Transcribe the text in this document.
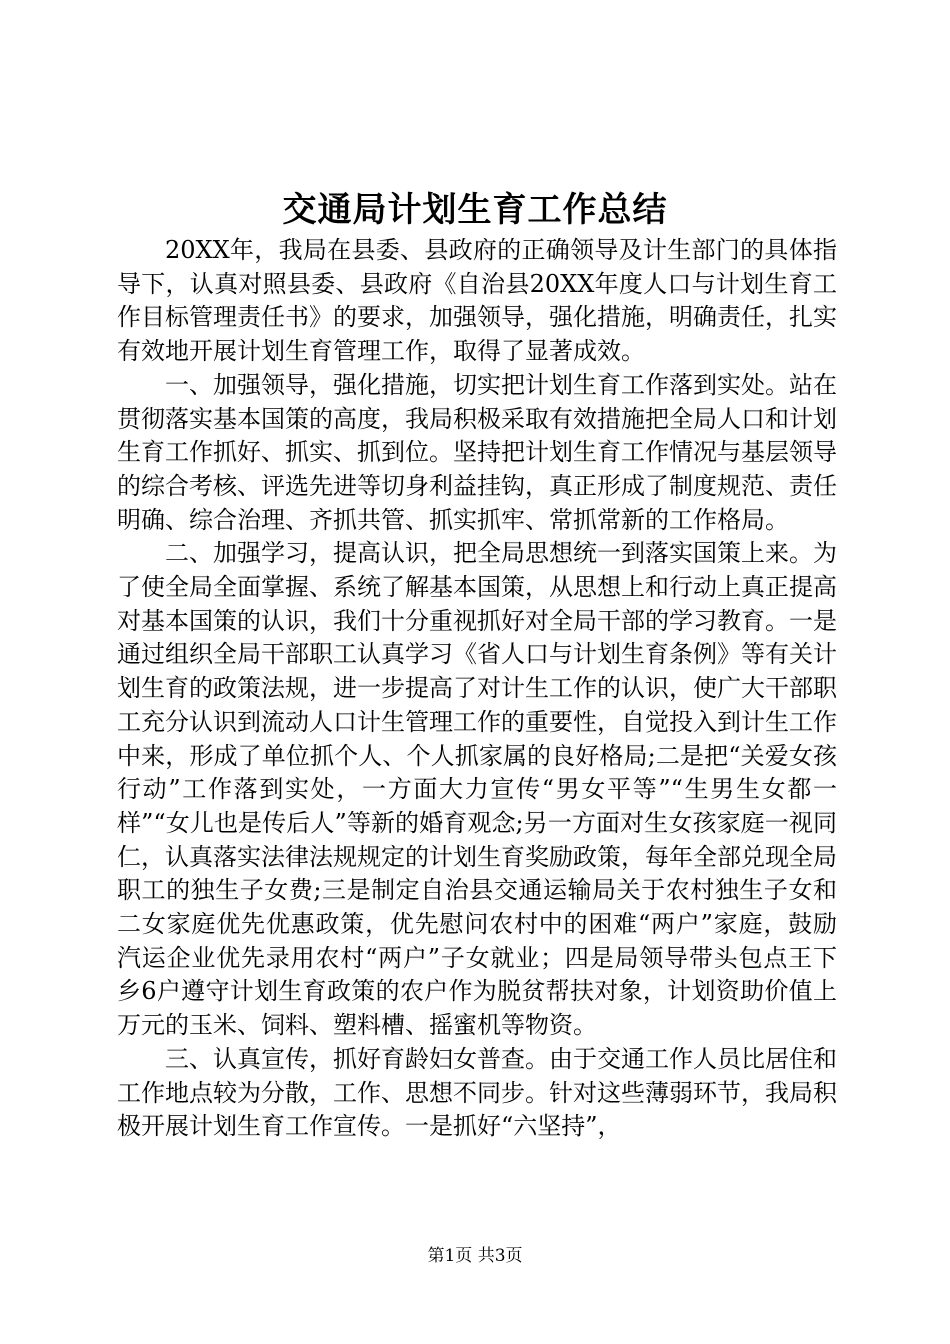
交通局计划生育工作总结

20XX年，我局在县委、县政府的正确领导及计生部门的具体指导下，认真对照县委、县政府《自治县20XX年度人口与计划生育工作目标管理责任书》的要求，加强领导，强化措施，明确责任，扎实有效地开展计划生育管理工作，取得了显著成效。

一、加强领导，强化措施，切实把计划生育工作落到实处。站在贯彻落实基本国策的高度，我局积极采取有效措施把全局人口和计划生育工作抓好、抓实、抓到位。坚持把计划生育工作情况与基层领导的综合考核、评选先进等切身利益挂钩，真正形成了制度规范、责任明确、综合治理、齐抓共管、抓实抓牢、常抓常新的工作格局。

二、加强学习，提高认识，把全局思想统一到落实国策上来。为了使全局全面掌握、系统了解基本国策，从思想上和行动上真正提高对基本国策的认识，我们十分重视抓好对全局干部的学习教育。一是通过组织全局干部职工认真学习《省人口与计划生育条例》等有关计划生育的政策法规，进一步提高了对计生工作的认识，使广大干部职工充分认识到流动人口计生管理工作的重要性，自觉投入到计生工作中来，形成了单位抓个人、个人抓家属的良好格局;二是把“关爱女孩行动”工作落到实处，一方面大力宣传“男女平等”“生男生女都一样”“女儿也是传后人”等新的婚育观念;另一方面对生女孩家庭一视同仁，认真落实法律法规规定的计划生育奖励政策，每年全部兑现全局职工的独生子女费;三是制定自治县交通运输局关于农村独生子女和二女家庭优先优惠政策，优先慰问农村中的困难“两户”家庭，鼓励汽运企业优先录用农村“两户”子女就业；四是局领导带头包点王下乡6户遵守计划生育政策的农户作为脱贫帮扶对象，计划资助价值上万元的玉米、饲料、塑料槽、摇蜜机等物资。

三、认真宣传，抓好育龄妇女普查。由于交通工作人员比居住和工作地点较为分散，工作、思想不同步。针对这些薄弱环节，我局积极开展计划生育工作宣传。一是抓好“六坚持”，

第1页 共3页
